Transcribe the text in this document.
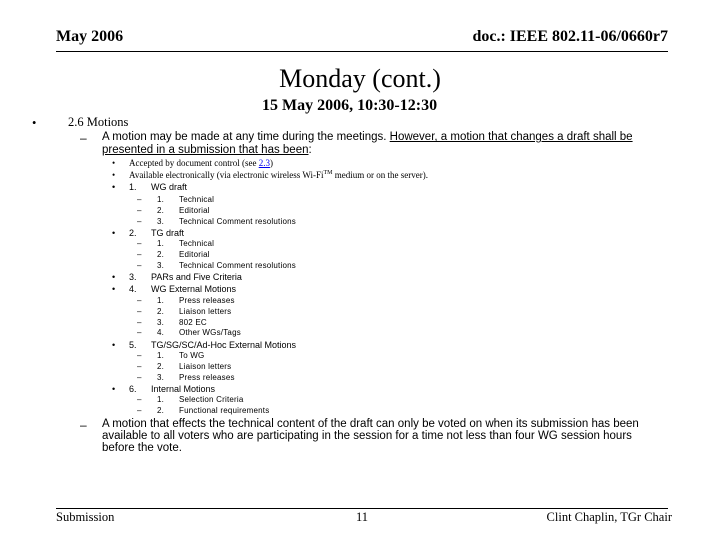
May 2006	doc.: IEEE 802.11-06/0660r7
Monday (cont.)
15 May 2006, 10:30-12:30
•	2.6 Motions
– A motion may be made at any time during the meetings. However, a motion that changes a draft shall be
presented in a submission that has been:
• Accepted by document control (see 2.3)
• Available electronically (via electronic wireless Wi-Fi™ medium or on the server).
• 1. WG draft
– 1. Technical
– 2. Editorial
– 3. Technical Comment resolutions
• 2. TG draft
– 1. Technical
– 2. Editorial
– 3. Technical Comment resolutions
• 3. PARs and Five Criteria
• 4. WG External Motions
– 1. Press releases
– 2. Liaison letters
– 3. 802 EC
– 4. Other WGs/Tags
• 5. TG/SG/SC/Ad-Hoc External Motions
– 1. To WG
– 2. Liaison letters
– 3. Press releases
• 6. Internal Motions
– 1. Selection Criteria
– 2. Functional requirements
– A motion that effects the technical content of the draft can only be voted on when its submission has been
available to all voters who are participating in the session for a time not less than four WG session hours
before the vote.
Submission	11	Clint Chaplin, TGr Chair
